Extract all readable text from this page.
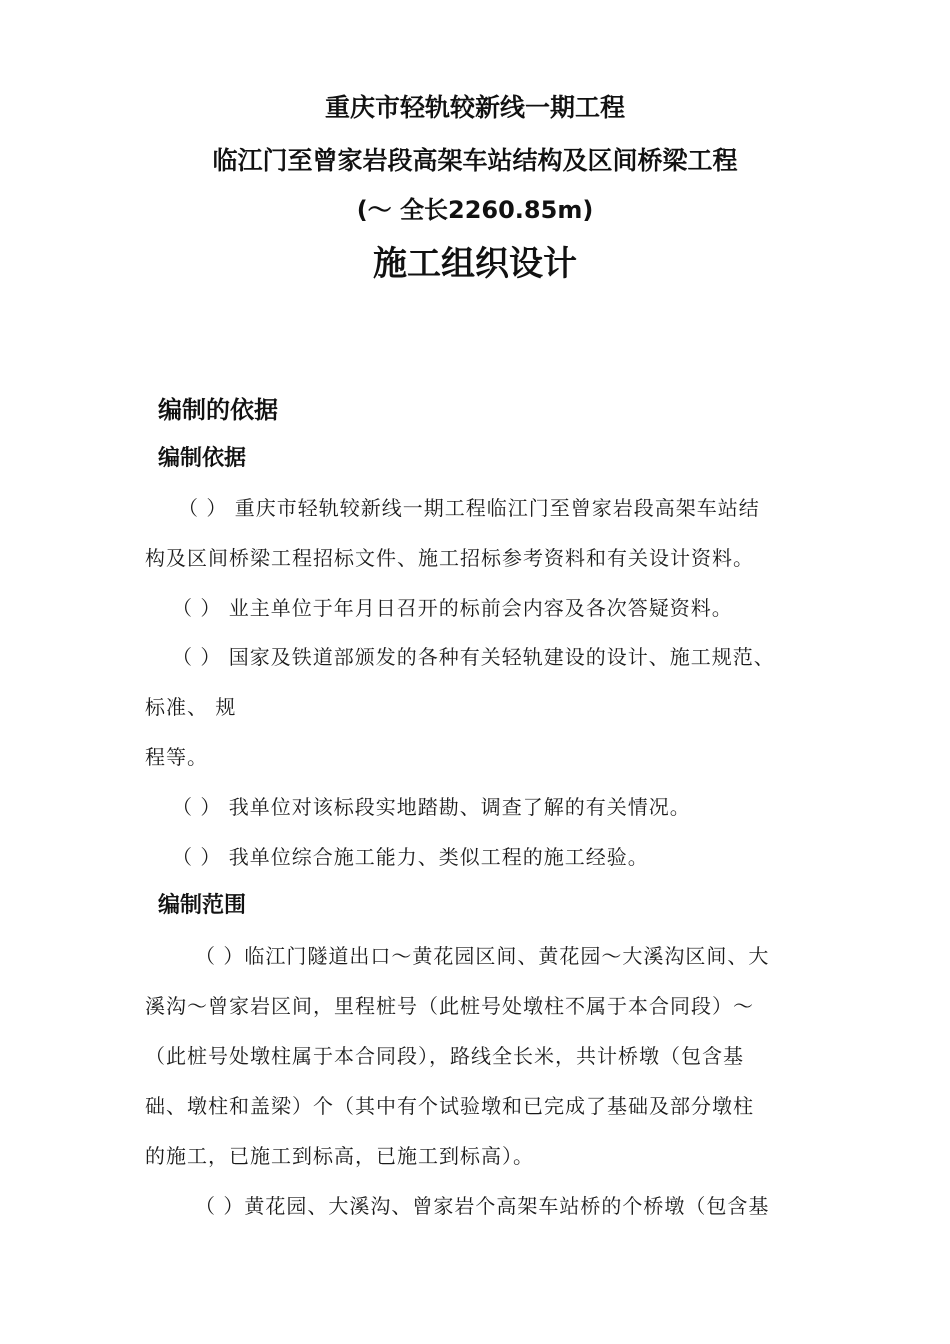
重庆市轻轨较新线一期工程
临江门至曾家岩段高架车站结构及区间桥梁工程
(～ 全长2260.85m)
施工组织设计
编制的依据
编制依据
（ ） 重庆市轻轨较新线一期工程临江门至曾家岩段高架车站结
构及区间桥梁工程招标文件、施工招标参考资料和有关设计资料。
（ ） 业主单位于年月日召开的标前会内容及各次答疑资料。
（ ） 国家及铁道部颁发的各种有关轻轨建设的设计、施工规范、
标准、 规
程等。
（ ） 我单位对该标段实地踏勘、调查了解的有关情况。
（ ） 我单位综合施工能力、类似工程的施工经验。
编制范围
（ ）临江门隧道出口～黄花园区间、黄花园～大溪沟区间、大
溪沟～曾家岩区间，里程桩号（此桩号处墩柱不属于本合同段）～
（此桩号处墩柱属于本合同段），路线全长米，共计桥墩（包含基
础、墩柱和盖梁）个（其中有个试验墩和已完成了基础及部分墩柱
的施工，已施工到标高，已施工到标高）。
（ ）黄花园、大溪沟、曾家岩个高架车站桥的个桥墩（包含基
